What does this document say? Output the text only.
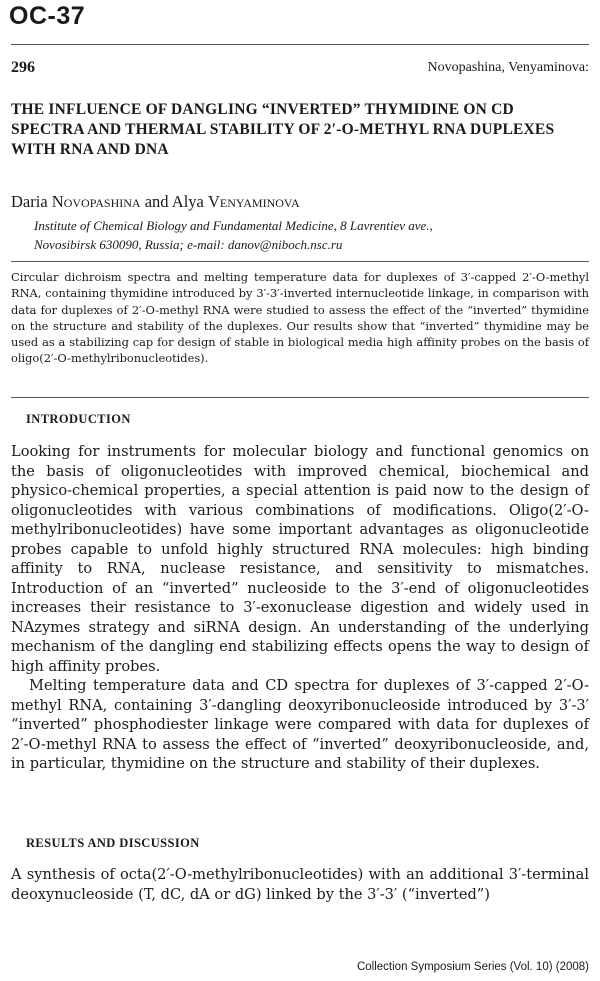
OC-37
296	Novopashina, Venyaminova:
THE INFLUENCE OF DANGLING “INVERTED” THYMIDINE ON CD SPECTRA AND THERMAL STABILITY OF 2′-O-METHYL RNA DUPLEXES WITH RNA AND DNA
Daria Novopashina and Alya Venyaminova

Institute of Chemical Biology and Fundamental Medicine, 8 Lavrentiev ave.,
Novosibirsk 630090, Russia; e-mail: danov@niboch.nsc.ru

Circular dichroism spectra and melting temperature data for duplexes of 3′-capped 2′-O-methyl RNA, containing thymidine introduced by 3′-3′-inverted internucleotide linkage, in comparison with data for duplexes of 2′-O-methyl RNA were studied to assess the effect of the “inverted” thymidine on the structure and stability of the duplexes. Our results show that “inverted” thymidine may be used as a stabilizing cap for design of stable in biological media high affinity probes on the basis of oligo(2′-O-methylribonucleotides).

INTRODUCTION

Looking for instruments for molecular biology and functional genomics on the basis of oligonucleotides with improved chemical, biochemical and physico-chemical properties, a special attention is paid now to the design of oligonucleotides with various combinations of modifications. Oligo(2′-O-methylribonucleotides) have some important advantages as oligonucleotide probes capable to unfold highly structured RNA molecules: high binding affinity to RNA, nuclease resistance, and sensitivity to mismatches. Introduction of an “inverted” nucleoside to the 3′-end of oligonucleotides increases their resistance to 3′-exonuclease digestion and widely used in NAzymes strategy and siRNA design. An understanding of the underlying mechanism of the dangling end stabilizing effects opens the way to design of high affinity probes.

Melting temperature data and CD spectra for duplexes of 3′-capped 2′-O-methyl RNA, containing 3′-dangling deoxyribonucleoside introduced by 3′-3′ “inverted” phosphodiester linkage were compared with data for duplexes of 2′-O-methyl RNA to assess the effect of “inverted” deoxyribonucleoside, and, in particular, thymidine on the structure and stability of their duplexes.

RESULTS AND DISCUSSION

A synthesis of octa(2′-O-methylribonucleotides) with an additional 3′-terminal deoxynucleoside (T, dC, dA or dG) linked by the 3′-3′ (“inverted”)

Collection Symposium Series (Vol. 10) (2008)
